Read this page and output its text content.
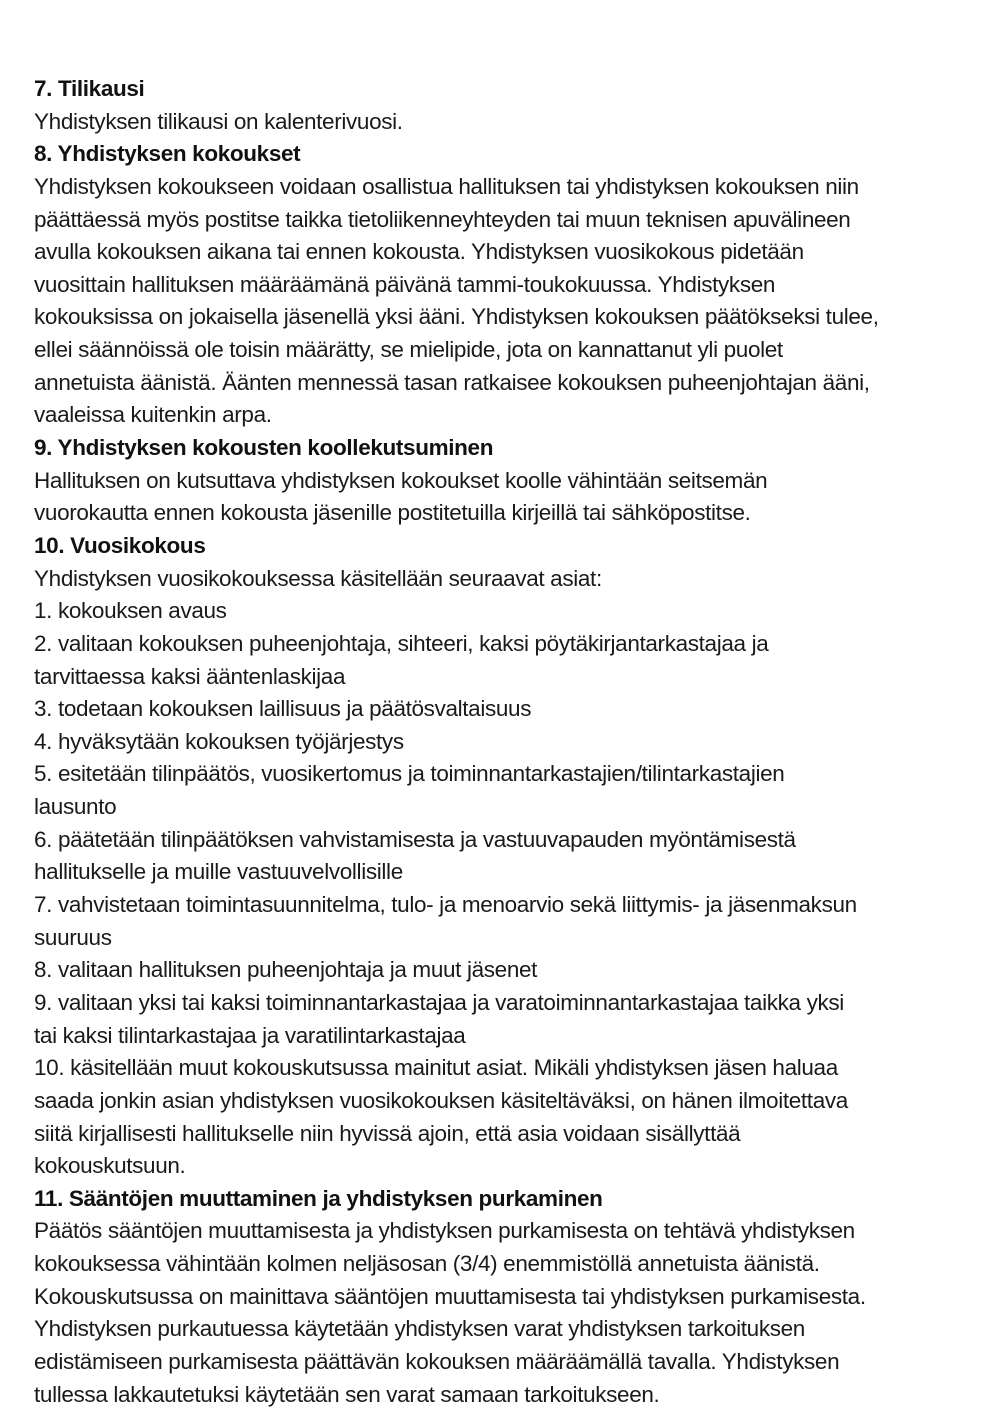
7. Tilikausi
Yhdistyksen tilikausi on kalenterivuosi.
8. Yhdistyksen kokoukset
Yhdistyksen kokoukseen voidaan osallistua hallituksen tai yhdistyksen kokouksen niin
päättäessä myös postitse taikka tietoliikenneyhteyden tai muun teknisen apuvälineen
avulla kokouksen aikana tai ennen kokousta. Yhdistyksen vuosikokous pidetään
vuosittain hallituksen määräämänä päivänä tammi-toukokuussa. Yhdistyksen
kokouksissa on jokaisella jäsenellä yksi ääni. Yhdistyksen kokouksen päätökseksi tulee,
ellei säännöissä ole toisin määrätty, se mielipide, jota on kannattanut yli puolet
annetuista äänistä. Äänten mennessä tasan ratkaisee kokouksen puheenjohtajan ääni,
vaaleissa kuitenkin arpa.
9. Yhdistyksen kokousten koollekutsuminen
Hallituksen on kutsuttava yhdistyksen kokoukset koolle vähintään seitsemän
vuorokautta ennen kokousta jäsenille postitetuilla kirjeillä tai sähköpostitse.
10. Vuosikokous
Yhdistyksen vuosikokouksessa käsitellään seuraavat asiat:
1. kokouksen avaus
2. valitaan kokouksen puheenjohtaja, sihteeri, kaksi pöytäkirjantarkastajaa ja
tarvittaessa kaksi ääntenlaskijaa
3. todetaan kokouksen laillisuus ja päätösvaltaisuus
4. hyväksytään kokouksen työjärjestys
5. esitetään tilinpäätös, vuosikertomus ja toiminnantarkastajien/tilintarkastajien
lausunto
6. päätetään tilinpäätöksen vahvistamisesta ja vastuuvapauden myöntämisestä
hallitukselle ja muille vastuuvelvollisille
7. vahvistetaan toimintasuunnitelma, tulo- ja menoarvio sekä liittymis- ja jäsenmaksun
suuruus
8. valitaan hallituksen puheenjohtaja ja muut jäsenet
9. valitaan yksi tai kaksi toiminnantarkastajaa ja varatoiminnantarkastajaa taikka yksi
tai kaksi tilintarkastajaa ja varatilintarkastajaa
10. käsitellään muut kokouskutsussa mainitut asiat. Mikäli yhdistyksen jäsen haluaa
saada jonkin asian yhdistyksen vuosikokouksen käsiteltäväksi, on hänen ilmoitettava
siitä kirjallisesti hallitukselle niin hyvissä ajoin, että asia voidaan sisällyttää
kokouskutsuun.
11. Sääntöjen muuttaminen ja yhdistyksen purkaminen
Päätös sääntöjen muuttamisesta ja yhdistyksen purkamisesta on tehtävä yhdistyksen
kokouksessa vähintään kolmen neljäsosan (3/4) enemmistöllä annetuista äänistä.
Kokouskutsussa on mainittava sääntöjen muuttamisesta tai yhdistyksen purkamisesta.
Yhdistyksen purkautuessa käytetään yhdistyksen varat yhdistyksen tarkoituksen
edistämiseen purkamisesta päättävän kokouksen määräämällä tavalla. Yhdistyksen
tullessa lakkautetuksi käytetään sen varat samaan tarkoitukseen.
